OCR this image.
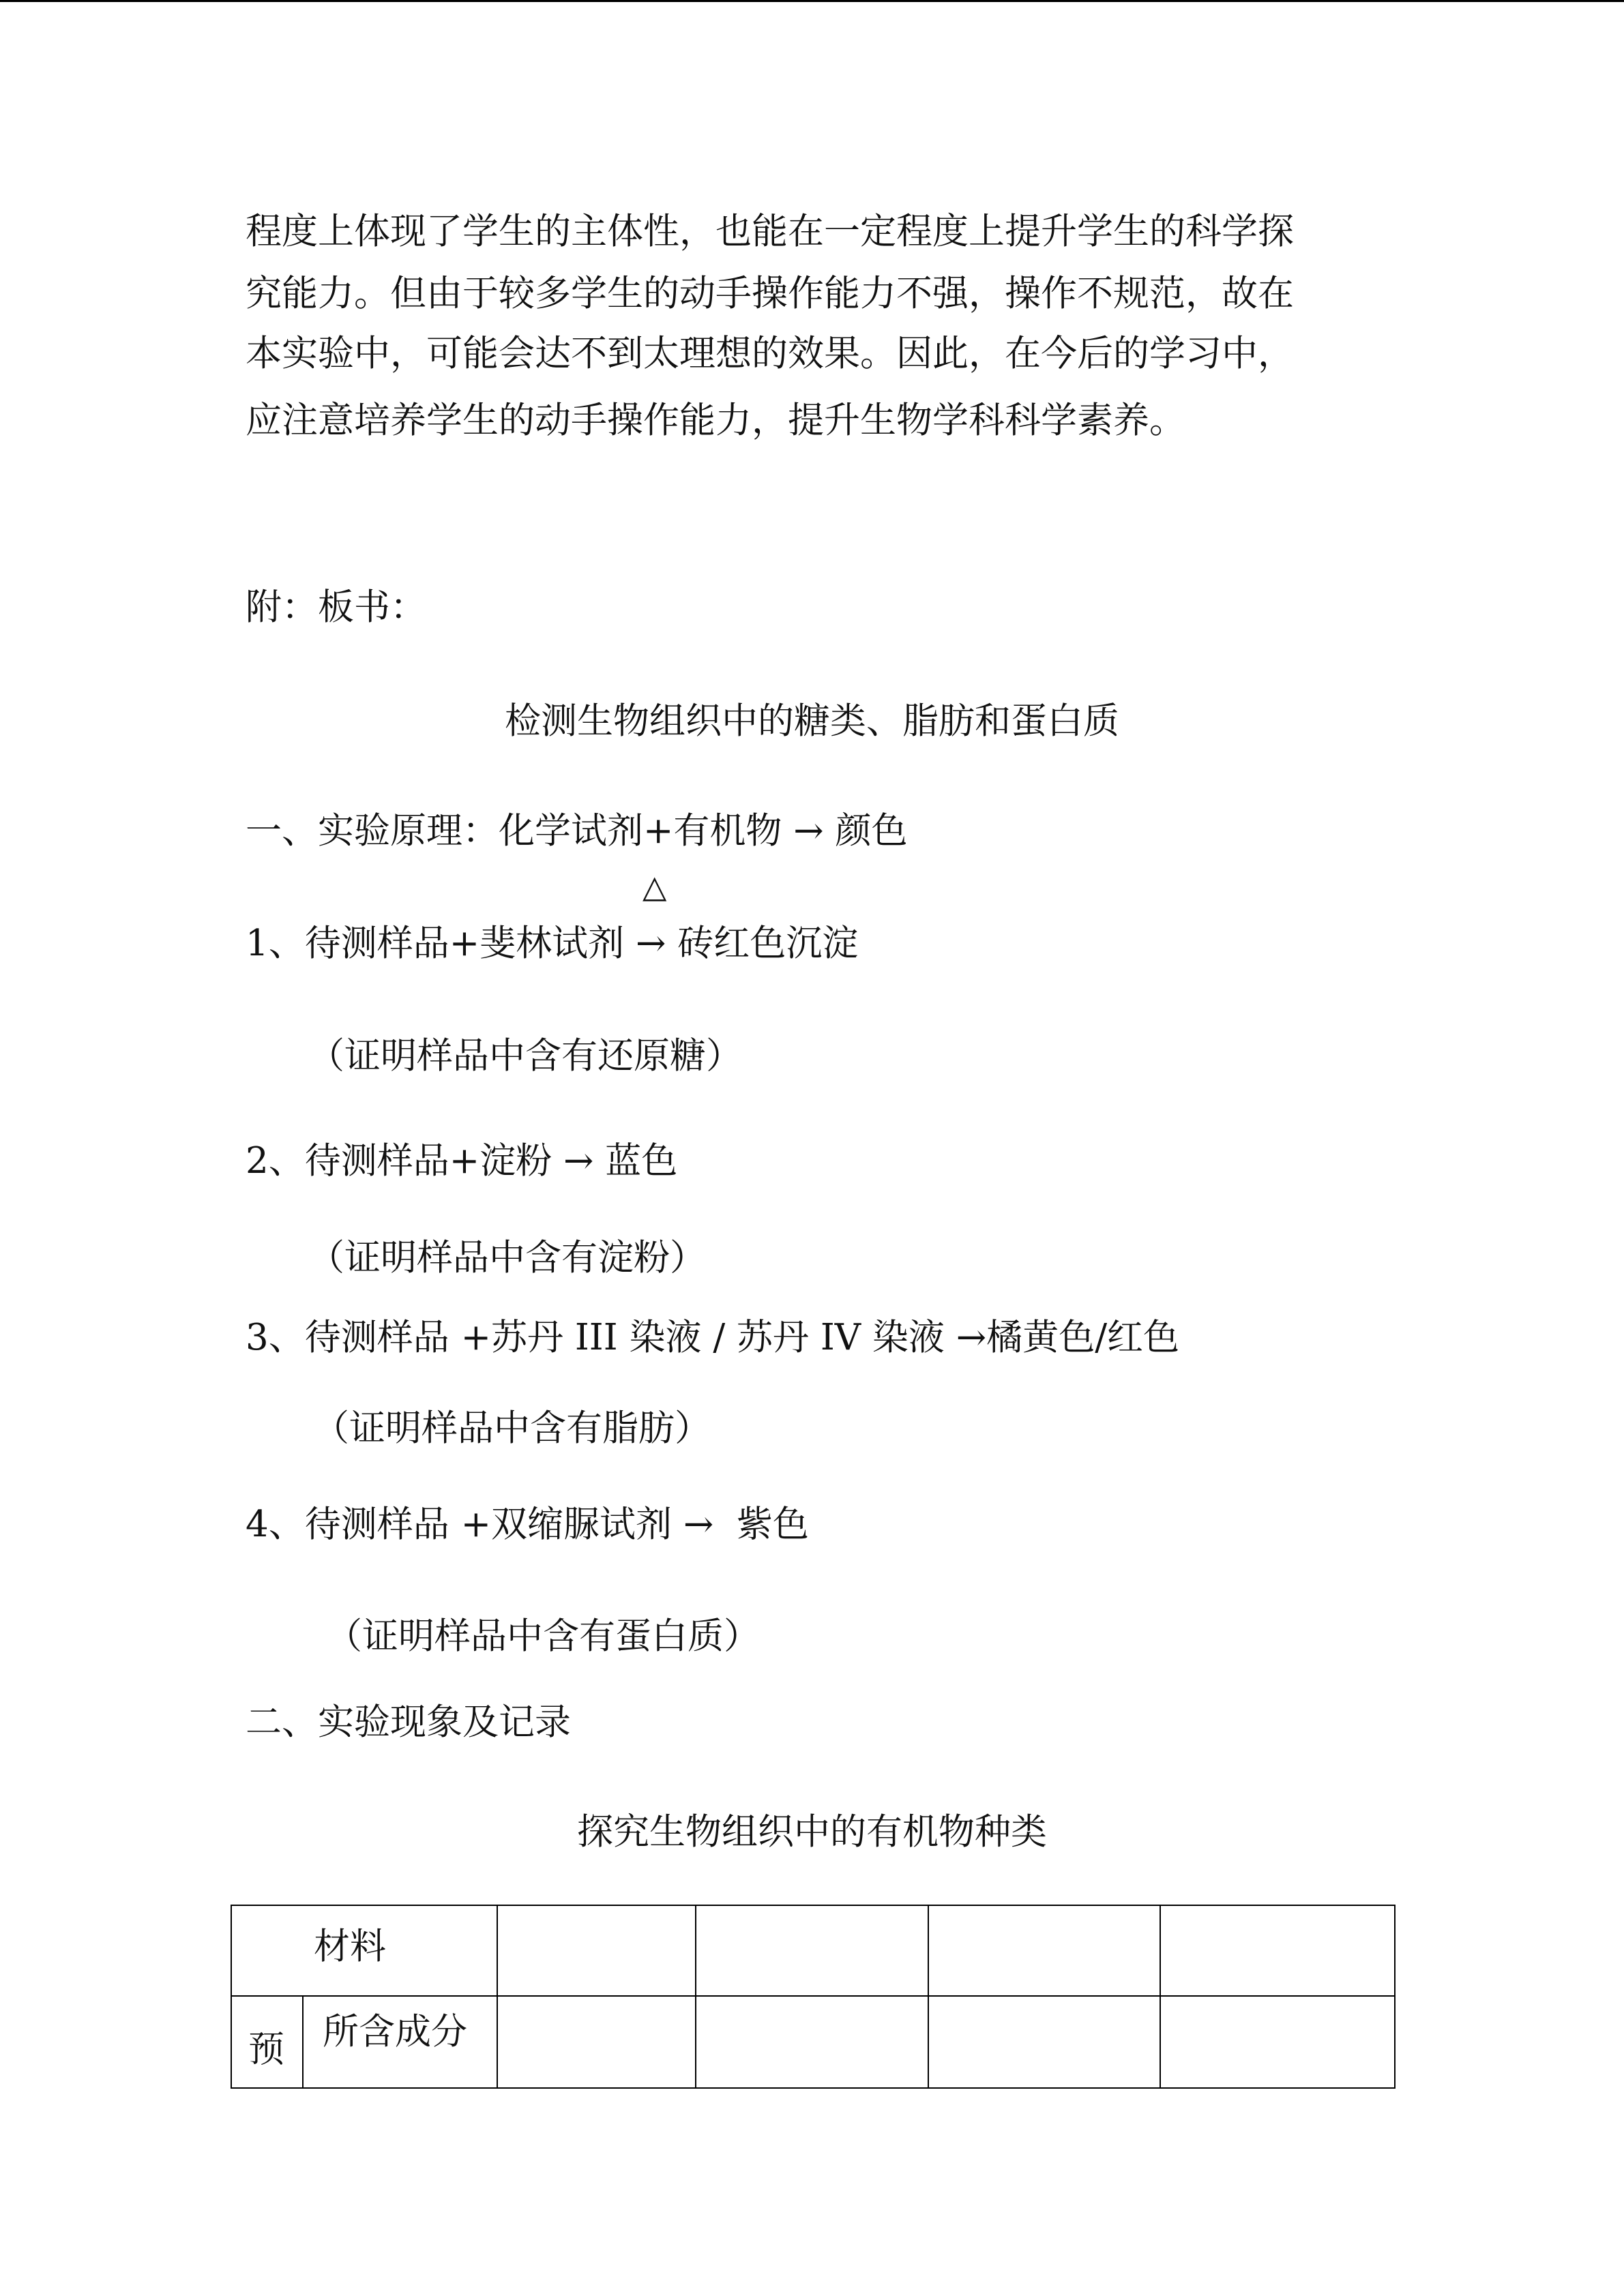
程度上体现了学生的主体性，也能在一定程度上提升学生的科学探
究能力。但由于较多学生的动手操作能力不强，操作不规范，故在
本实验中，可能会达不到太理想的效果。因此，在今后的学习中，
应注意培养学生的动手操作能力，提升生物学科科学素养。
附：板书：
检测生物组织中的糖类、脂肪和蛋白质
一、实验原理：化学试剂+有机物 → 颜色
△
1、待测样品+斐林试剂 → 砖红色沉淀
（证明样品中含有还原糖）
2、待测样品+淀粉 → 蓝色
（证明样品中含有淀粉）
3、待测样品 +苏丹 III 染液 / 苏丹 IV 染液 →橘黄色/红色
（证明样品中含有脂肪）
4、待测样品 +双缩脲试剂 →  紫色
（证明样品中含有蛋白质）
二、实验现象及记录
探究生物组织中的有机物种类
材料					

预	所含成分				
